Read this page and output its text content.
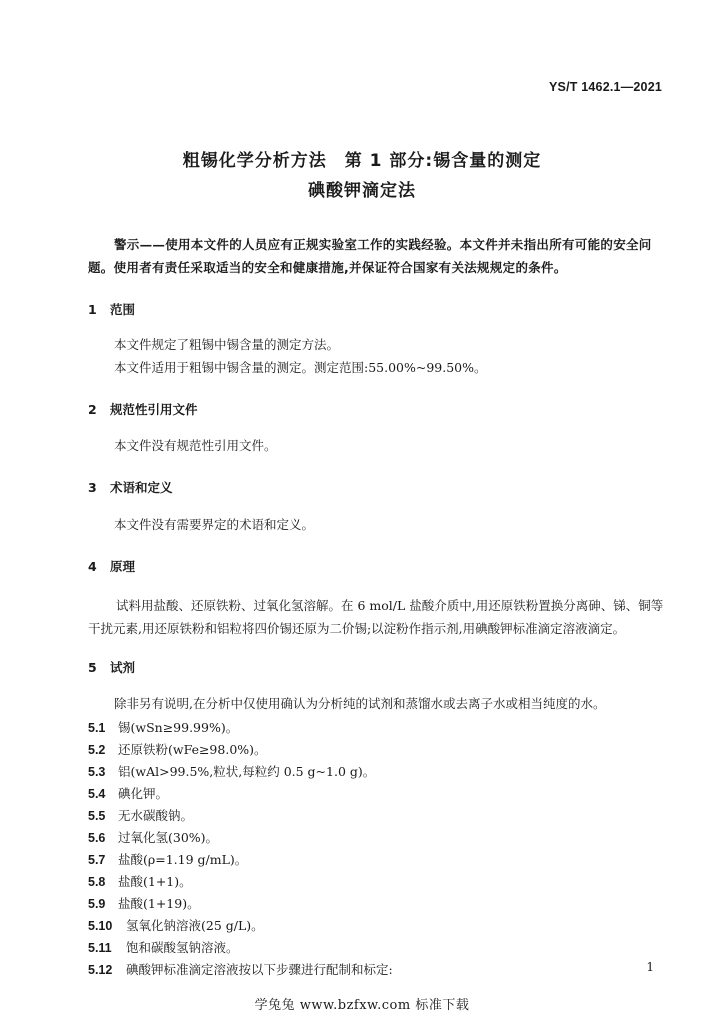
YS/T 1462.1—2021
粗锡化学分析方法　第 1 部分:锡含量的测定
碘酸钾滴定法
警示——使用本文件的人员应有正规实验室工作的实践经验。本文件并未指出所有可能的安全问题。使用者有责任采取适当的安全和健康措施,并保证符合国家有关法规规定的条件。
1 范围
本文件规定了粗锡中锡含量的测定方法。
本文件适用于粗锡中锡含量的测定。测定范围:55.00%~99.50%。
2 规范性引用文件
本文件没有规范性引用文件。
3 术语和定义
本文件没有需要界定的术语和定义。
4 原理
试料用盐酸、还原铁粉、过氧化氢溶解。在 6 mol/L 盐酸介质中,用还原铁粉置换分离砷、锑、铜等干扰元素,用还原铁粉和铝粒将四价锡还原为二价锡;以淀粉作指示剂,用碘酸钾标准滴定溶液滴定。
5 试剂
除非另有说明,在分析中仅使用确认为分析纯的试剂和蒸馏水或去离子水或相当纯度的水。
5.1 锡(wSn≥99.99%)。
5.2 还原铁粉(wFe≥98.0%)。
5.3 铝(wAl>99.5%,粒状,每粒约 0.5 g~1.0 g)。
5.4 碘化钾。
5.5 无水碳酸钠。
5.6 过氧化氢(30%)。
5.7 盐酸(ρ=1.19 g/mL)。
5.8 盐酸(1+1)。
5.9 盐酸(1+19)。
5.10 氢氧化钠溶液(25 g/L)。
5.11 饱和碳酸氢钠溶液。
5.12 碘酸钾标准滴定溶液按以下步骤进行配制和标定:	1
学兔兔 www.bzfxw.com 标准下载
